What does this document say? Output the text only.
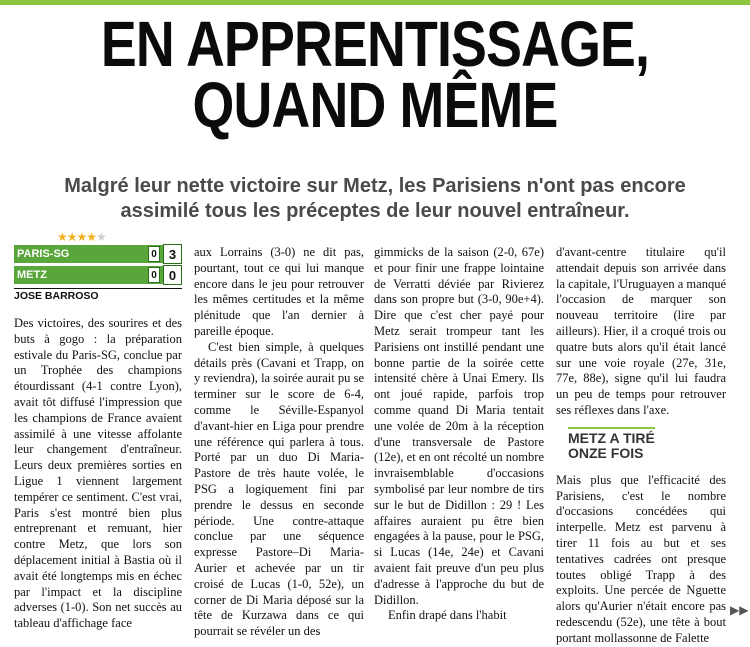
EN APPRENTISSAGE,
QUAND MÊME
Malgré leur nette victoire sur Metz, les Parisiens n'ont pas encore
assimilé tous les préceptes de leur nouvel entraîneur.
★★★★★
PARIS-SG	0 3
METZ	0 0
JOSE BARROSO

Des victoires, des sourires et des buts à gogo : la préparation estivale du Paris-SG, conclue par un Trophée des champions étourdissant (4-1 contre Lyon), avait tôt diffusé l'impression que les champions de France avaient assimilé à une vitesse affolante leur changement d'entraîneur. Leurs deux premières sorties en Ligue 1 viennent largement tempérer ce sentiment. C'est vrai, Paris s'est montré bien plus entreprenant et remuant, hier contre Metz, que lors son déplacement initial à Bastia où il avait été longtemps mis en échec par l'impact et la discipline adverses (1-0). Son net succès au tableau d'affichage face

aux Lorrains (3-0) ne dit pas, pourtant, tout ce qui lui manque encore dans le jeu pour retrouver les mêmes certitudes et la même plénitude que l'an dernier à pareille époque.

C'est bien simple, à quelques détails près (Cavani et Trapp, on y reviendra), la soirée aurait pu se terminer sur le score de 6-4, comme le Séville-Espanyol d'avant-hier en Liga pour prendre une référence qui parlera à tous. Porté par un duo Di Maria-Pastore de très haute volée, le PSG a logiquement fini par prendre le dessus en seconde période. Une contre-attaque conclue par une séquence expresse Pastore–Di Maria-Aurier et achevée par un tir croisé de Lucas (1-0, 52e), un corner de Di Maria déposé sur la tête de Kurzawa dans ce qui pourrait se révéler un des

gimmicks de la saison (2-0, 67e) et pour finir une frappe lointaine de Verratti déviée par Rivierez dans son propre but (3-0, 90e+4). Dire que c'est cher payé pour Metz serait trompeur tant les Parisiens ont instillé pendant une bonne partie de la soirée cette intensité chère à Unai Emery. Ils ont joué rapide, parfois trop comme quand Di Maria tentait une volée de 20m à la réception d'une transversale de Pastore (12e), et en ont récolté un nombre invraisemblable d'occasions symbolisé par leur nombre de tirs sur le but de Didillon : 29 ! Les affaires auraient pu être bien engagées à la pause, pour le PSG, si Lucas (14e, 24e) et Cavani avaient fait preuve d'un peu plus d'adresse à l'approche du but de Didillon.

Enfin drapé dans l'habit

d'avant-centre titulaire qu'il attendait depuis son arrivée dans la capitale, l'Uruguayen a manqué l'occasion de marquer son nouveau territoire (lire par ailleurs). Hier, il a croqué trois ou quatre buts alors qu'il était lancé sur une voie royale (27e, 31e, 77e, 88e), signe qu'il lui faudra un peu de temps pour retrouver ses réflexes dans l'axe.

METZ A TIRÉ
ONZE FOIS

Mais plus que l'efficacité des Parisiens, c'est le nombre d'occasions concédées qui interpelle. Metz est parvenu à tirer 11 fois au but et ses tentatives cadrées ont presque toutes obligé Trapp à des exploits. Une percée de Nguette alors qu'Aurier n'était encore pas redescendu (52e), une tête à bout portant mollassonne de Falette

▶▶
